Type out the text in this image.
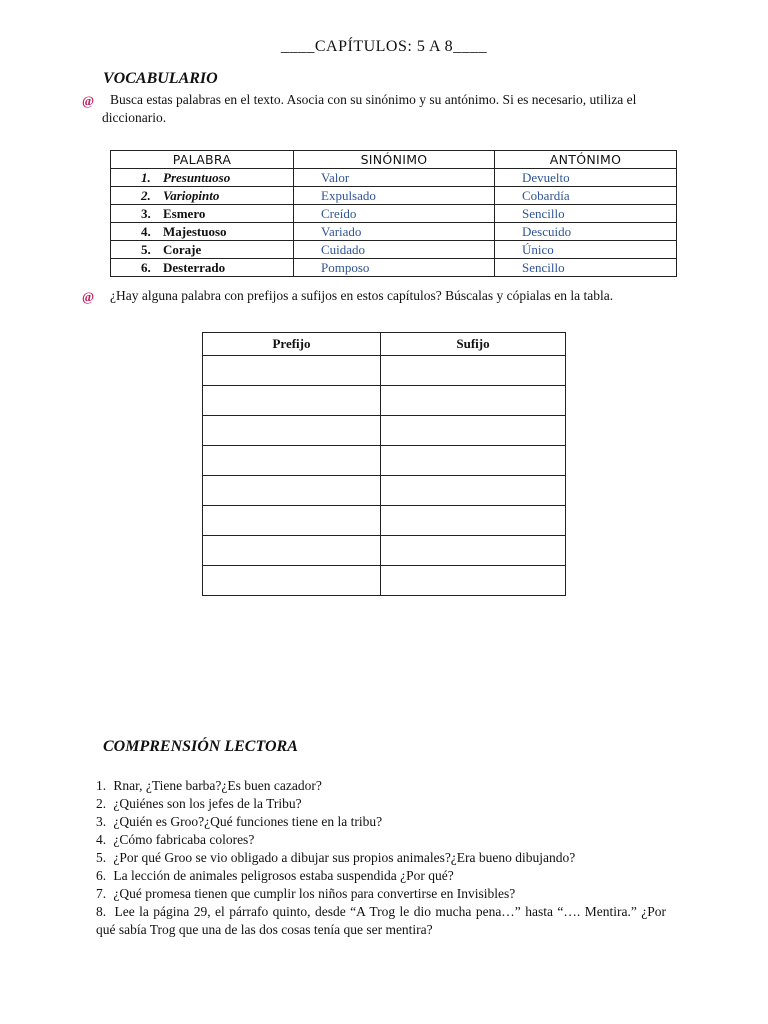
____CAPÍTULOS: 5 A 8____
VOCABULARIO
@	Busca estas palabras en el texto. Asocia con su sinónimo y su antónimo. Si es necesario, utiliza el diccionario.
PALABRA	SINÓNIMO	ANTÓNIMO
1. Presuntuoso	Valor	Devuelto
2. Variopinto	Expulsado	Cobardía
3. Esmero	Creído	Sencillo
4. Majestuoso	Variado	Descuido
5. Coraje	Cuidado	Único
6. Desterrado	Pomposo	Sencillo
@	¿Hay alguna palabra con prefijos a sufijos en estos capítulos? Búscalas y cópialas en la tabla.
Prefijo	Sufijo

COMPRENSIÓN LECTORA
1. Rnar, ¿Tiene barba?¿Es buen cazador?
2. ¿Quiénes son los jefes de la Tribu?
3. ¿Quién es Groo?¿Qué funciones tiene en la tribu?
4. ¿Cómo fabricaba colores?
5. ¿Por qué Groo se vio obligado a dibujar sus propios animales?¿Era bueno dibujando?
6. La lección de animales peligrosos estaba suspendida ¿Por qué?
7. ¿Qué promesa tienen que cumplir los niños para convertirse en Invisibles?
8. Lee la página 29, el párrafo quinto, desde “A Trog le dio mucha pena…” hasta “…. Mentira.” ¿Por qué sabía Trog que una de las dos cosas tenía que ser mentira?
